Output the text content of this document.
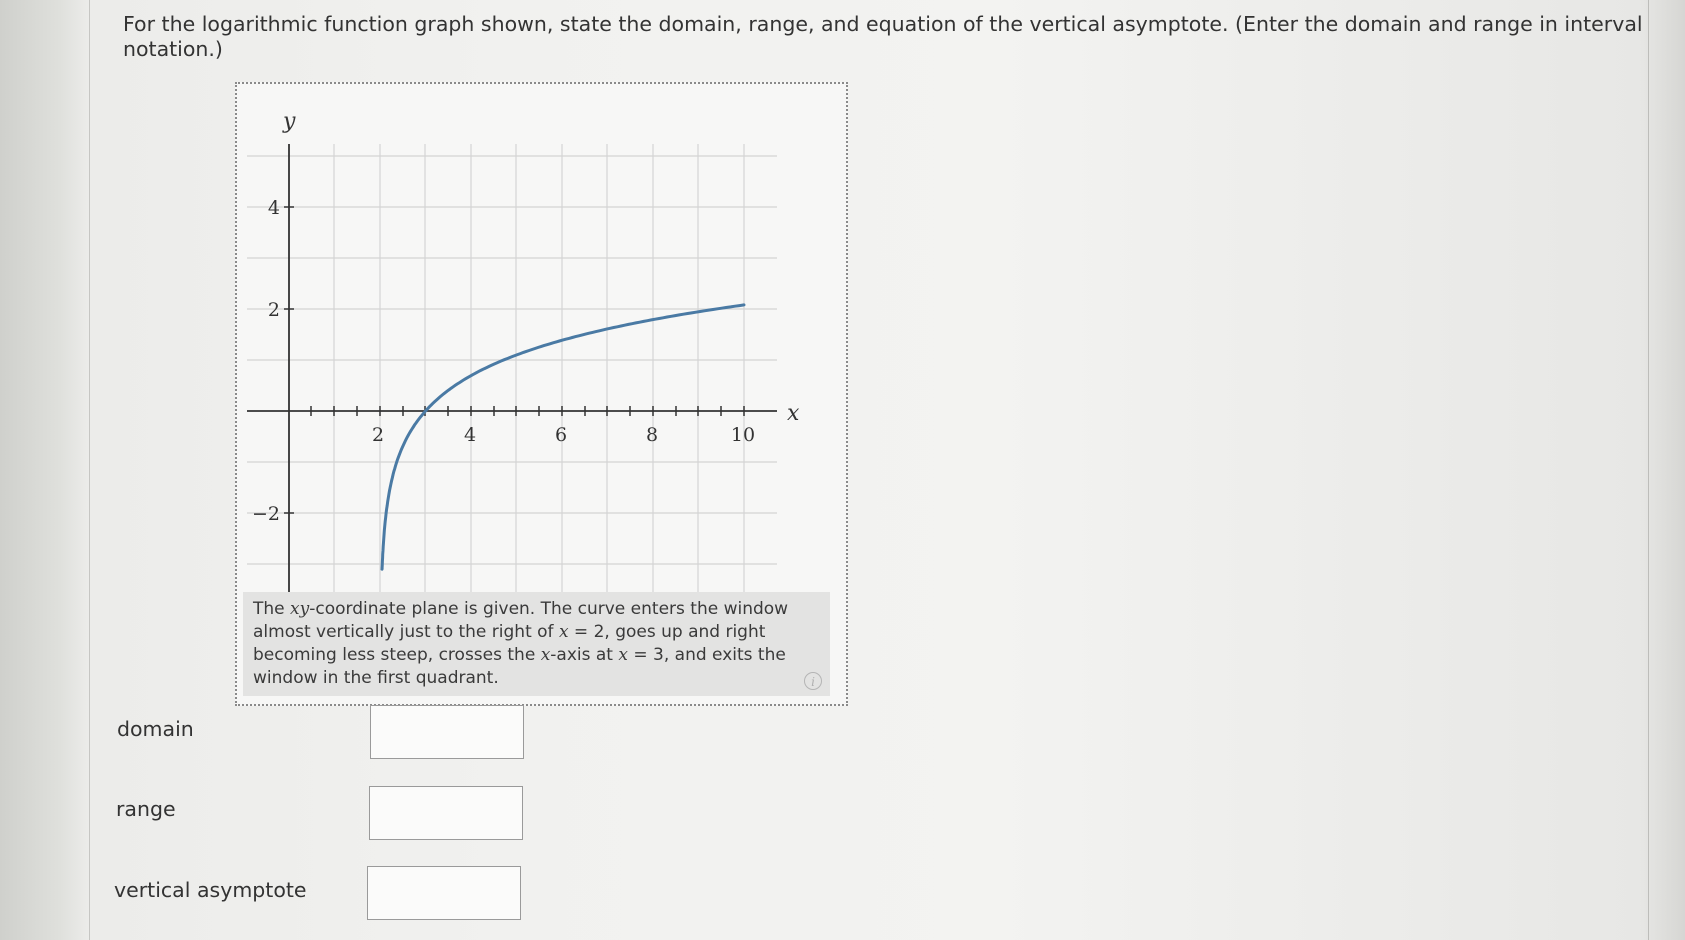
For the logarithmic function graph shown, state the domain, range, and equation of the vertical asymptote. (Enter the domain and range in interval notation.)

y
x
2	4	6	8	10
4
2
−2

The xy-coordinate plane is given. The curve enters the window almost vertically just to the right of x = 2, goes up and right becoming less steep, crosses the x-axis at x = 3, and exits the window in the first quadrant.	i

domain

range

vertical asymptote
